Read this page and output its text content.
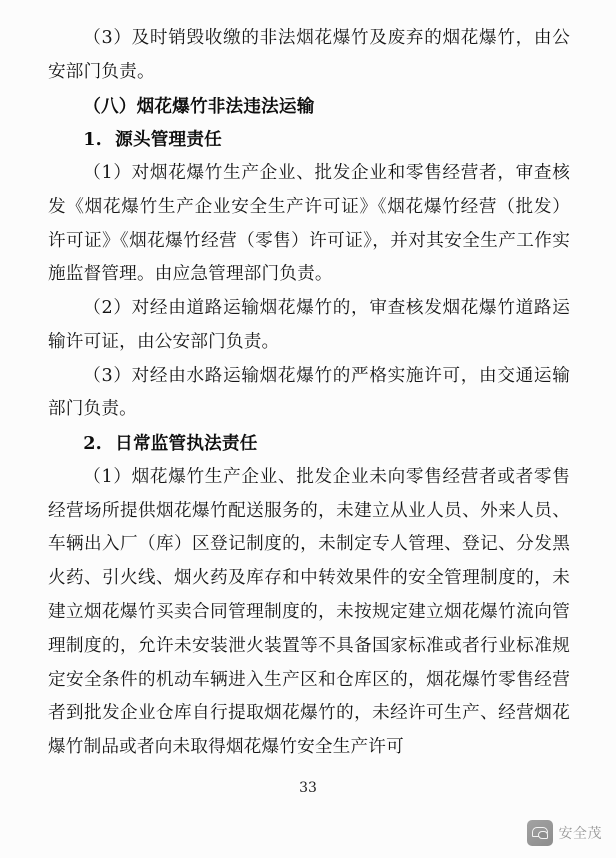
（3）及时销毁收缴的非法烟花爆竹及废弃的烟花爆竹，由公安部门负责。

（八）烟花爆竹非法违法运输

1. 源头管理责任

（1）对烟花爆竹生产企业、批发企业和零售经营者，审查核发《烟花爆竹生产企业安全生产许可证》《烟花爆竹经营（批发）许可证》《烟花爆竹经营（零售）许可证》，并对其安全生产工作实施监督管理。由应急管理部门负责。

（2）对经由道路运输烟花爆竹的，审查核发烟花爆竹道路运输许可证，由公安部门负责。

（3）对经由水路运输烟花爆竹的严格实施许可，由交通运输部门负责。

2. 日常监管执法责任

（1）烟花爆竹生产企业、批发企业未向零售经营者或者零售经营场所提供烟花爆竹配送服务的，未建立从业人员、外来人员、车辆出入厂（库）区登记制度的，未制定专人管理、登记、分发黑火药、引火线、烟火药及库存和中转效果件的安全管理制度的，未建立烟花爆竹买卖合同管理制度的，未按规定建立烟花爆竹流向管理制度的，允许未安装泄火装置等不具备国家标准或者行业标准规定安全条件的机动车辆进入生产区和仓库区的，烟花爆竹零售经营者到批发企业仓库自行提取烟花爆竹的，未经许可生产、经营烟花爆竹制品或者向未取得烟花爆竹安全生产许可

33
安全茂
